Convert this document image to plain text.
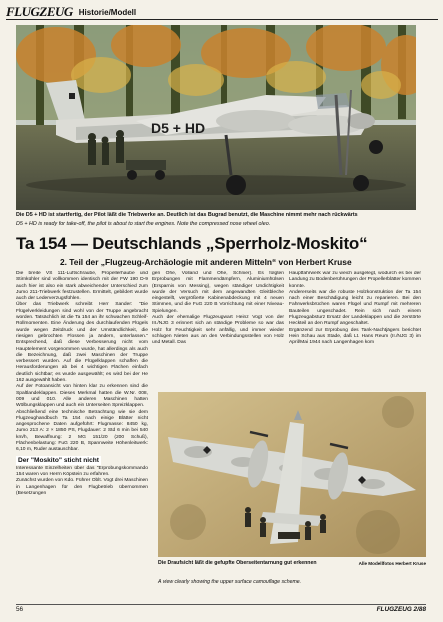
FLUGZEUG Historie/Modell
D5 + HD
Die D5 + HD ist startfertig, der Pilot läßt die Triebwerke an. Deutlich ist das Bugrad benutzt, die Maschine nimmt mehr nach rückwärts
D5 + HD is ready for take-off, the pilot is about to start the engines. Note the compressed nose wheel oleo.
Ta 154 — Deutschlands „Sperrholz-Moskito“
2. Teil der „Flugzeug-Archäologie mit anderen Mitteln“ von Herbert Kruse

Die breite VS 111-Luftschraube, Propellerhaube und Stirnkühler sind vollkommen identisch mit der FW 190 D-9 auch hier ist also ein stark abweichender Unterschied zum Jumo 211-Triebwerk festzustellen. Ermittelt, gebildert wurde auch der Lederverzugsfühlen.

Über das Triebwerk schreibt Herr Sander: "Die Flügelverkleidungen sind wohl von der Truppe angebracht worden. Tatsächlich ist die Ta 154 an ihr schwachen Schleif-Rollmomenten. Eine Änderung des durchlaufenden Flügels wurde wegen Zeitdruck und der Umständlichkeit, die riesigen gebrochten Flossen ja ändern, unterlassen." Entsprechend, daß diese Verbesserung nicht vom Hauptelement vorgenommen wurde, hat allerdings als auch die Bezeichnung, daß zwei Maschinen der Truppe verbessert wurden. Auf die Flügelklappen schaffen die Herausforderungen ab bei 4 wichtigen Flächen einfach deutlich sichtbar; es wurde ausgewählt; es wird bei der He 162 ausgewählt haben.

Auf der Fotoansicht von hinten klar zu erkennen sind die Spaltlandeklappen. Dieses Merkmal hatten die W.Nr. 008, 009 und 010. Alle anderen Maschinen hatten Wölbungsklappen und auch ein Unterseiten Spreizklappen.

Abschließend eine technische Betrachtung wie sie dem Flugzeughandbuch Ta 154 nach einige Blätter nicht angesprochene Daten aufgeführt: Flugmasse: 8450 kg, Jumo 213 A: 2 × 1850 PS, Flugdauer: 2 Std 6 min bei 540 km/h, Bewaffnung: 2 MG 151/20 (200 Schuß), Flächenbelastung: FuG 220 B, Spannweite Höhenleitwerk: 6,10 m, Ruder austauschbar.

Der "Moskito" sticht nicht

Interessante Einzelheiten über das "Erprobungskommando 154 waren von Herrn Köpstein zu erfahren.

Zunächst wurden von Kdo. Führer Oblt. Vogt drei Maschinen in Langenhagen für den Flugbetrieb übernommen (Besetzungen

gen Ohe, Volland und Ohe, Schnier). Es folgten Erprobungen mit Flammendämpfern, Aluminiumhülsen (Ersparnis von Messing), wegen ständiger Undichtigkeit wurde der Versuch mit dem angewandten Gleitbleche eingestellt, vergrößerte Kabinenabdeckung mit 4 neuen Stimmen, und die FuG 220 B Vorrichtung mit einer Niveau-Spielungen.

Auch der ehemalige Flugzeugwart Heinz Vogt von der III./NJG 3 erinnert sich an ständige Probleme so war das Holz für Feuchtigkeit sehr anfällig, und immer wieder schlugen Nieten aus an den Verbindungsstellen von Holz und Metall. Das

Hauptfahrwerk war zu weich ausgelegt, wodurch es bei der Landung zu Bodenberührungen der Propellerblätter kommen konnte.

Andererseits war die robuste Holzkonstruktion der Ta 154 nach einer Beschädigung leicht zu reparieren. Bei den Fahrwerksbrüchen waren Flügel und Rumpf mit mehreren Bauteilen ungeschadet. Rein sich nach einem Flugzeugabsturz Ersatz der Landeklappen und die zerstörte Heckteil an den Rumpf angeschaltet.

Ergänzend zur Erprobung des Tank-Nachtjägers berichtet Hein Schau aus Stade, daß Lt. Hans Reum (II./NJG 3) im April/Mai 1944 nach Langenhagen kom

Alle Modellfotos Herbert Kruse
Die Draufsicht läßt die gefupfte Oberseitentarnung gut erkennen
A view clearly showing the upper surface camouflage scheme.
56	FLUGZEUG 2/88
